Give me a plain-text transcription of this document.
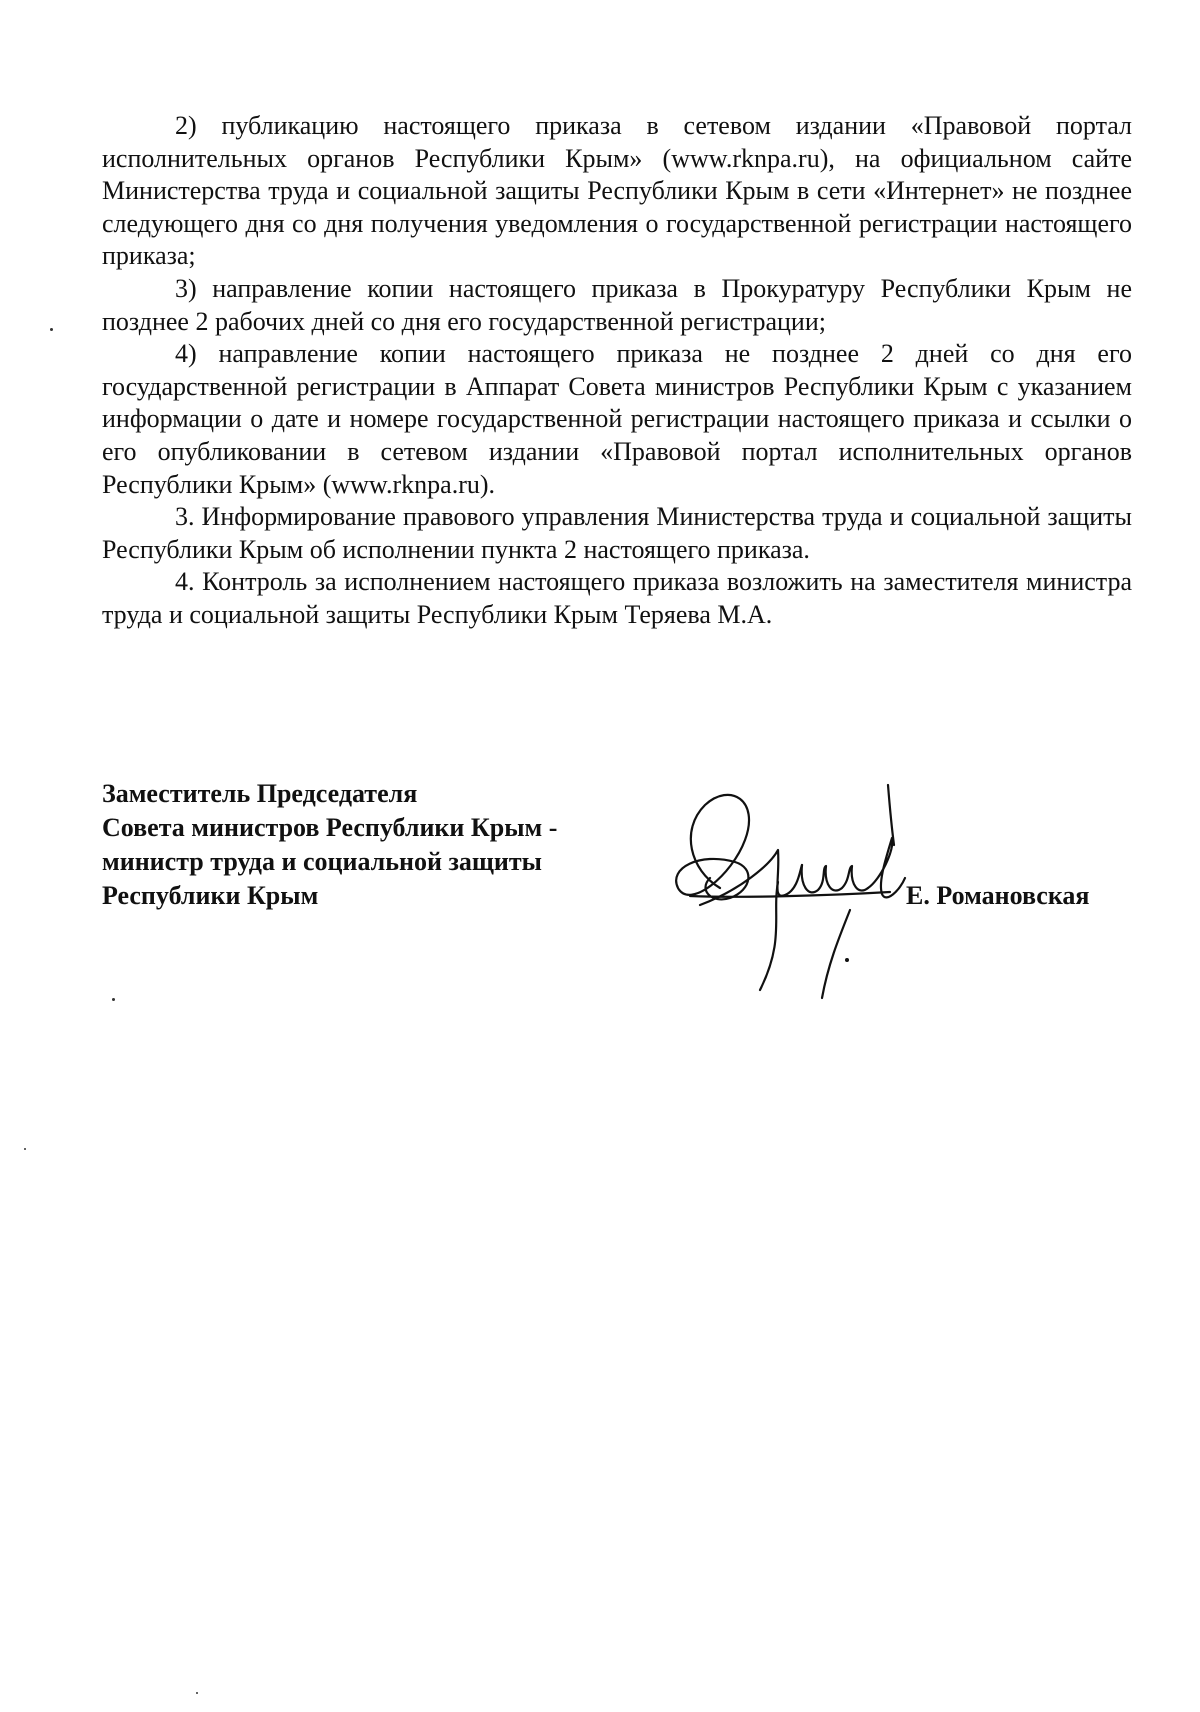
2) публикацию настоящего приказа в сетевом издании «Правовой портал исполнительных органов Республики Крым» (www.rknpa.ru), на официальном сайте Министерства труда и социальной защиты Республики Крым в сети «Интернет» не позднее следующего дня со дня получения уведомления о государственной регистрации настоящего приказа;

3) направление копии настоящего приказа в Прокуратуру Республики Крым не позднее 2 рабочих дней со дня его государственной регистрации;

4) направление копии настоящего приказа не позднее 2 дней со дня его государственной регистрации в Аппарат Совета министров Республики Крым с указанием информации о дате и номере государственной регистрации настоящего приказа и ссылки о его опубликовании в сетевом издании «Правовой портал исполнительных органов Республики Крым» (www.rknpa.ru).

3. Информирование правового управления Министерства труда и социальной защиты Республики Крым об исполнении пункта 2 настоящего приказа.

4. Контроль за исполнением настоящего приказа возложить на заместителя министра труда и социальной защиты Республики Крым Теряева М.А.

Заместитель Председателя
Совета министров Республики Крым -
министр труда и социальной защиты
Республики Крым	Е. Романовская
